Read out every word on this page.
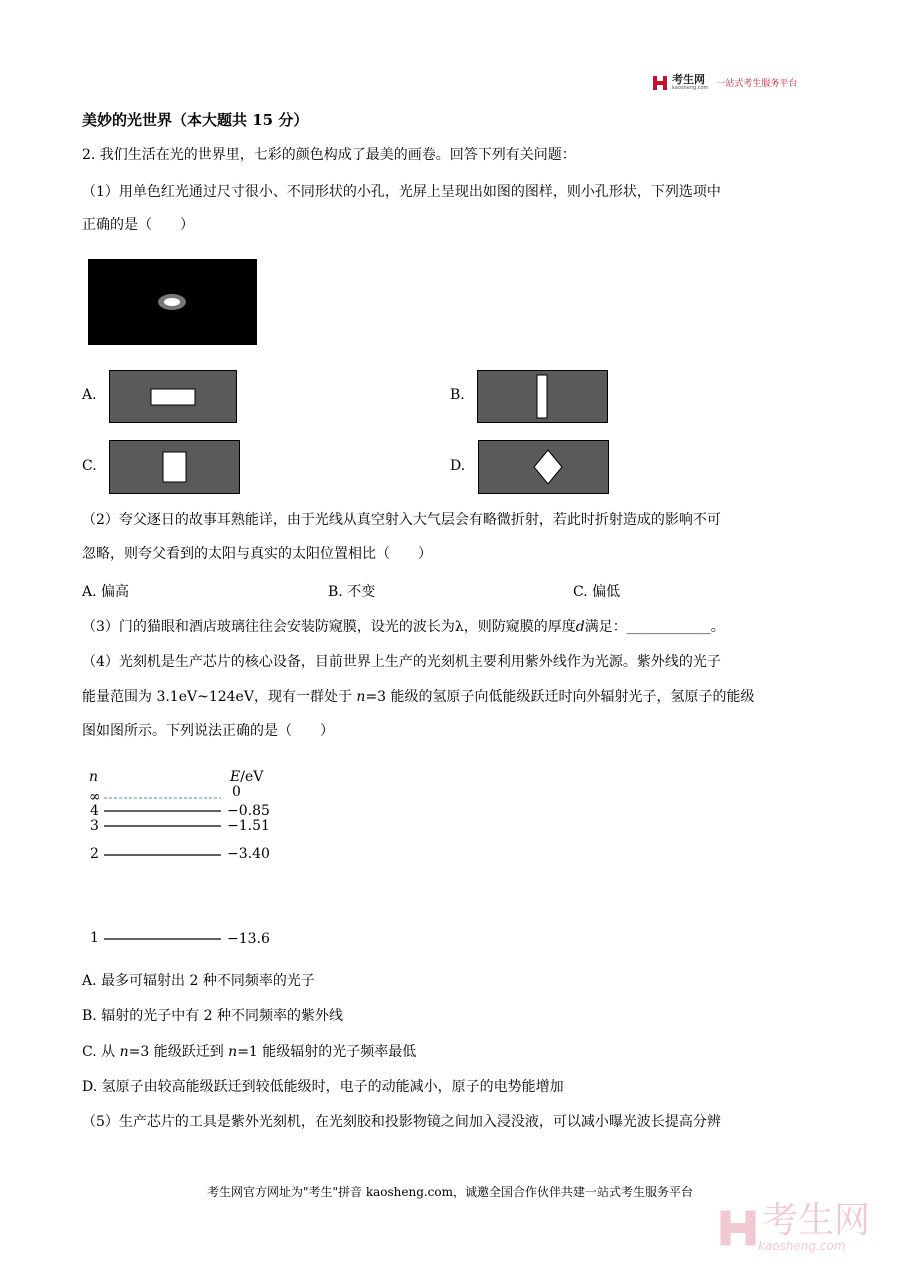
考生网
kaosheng.com 一站式考生服务平台
美妙的光世界（本大题共 15 分）
2. 我们生活在光的世界里，七彩的颜色构成了最美的画卷。回答下列有关问题：
（1）用单色红光通过尺寸很小、不同形状的小孔，光屏上呈现出如图的图样，则小孔形状，下列选项中
正确的是（　　）
A.	B.
C.	D.
（2）夸父逐日的故事耳熟能详，由于光线从真空射入大气层会有略微折射，若此时折射造成的影响不可
忽略，则夸父看到的太阳与真实的太阳位置相比（　　）
A. 偏高	B. 不变	C. 偏低
（3）门的猫眼和酒店玻璃往往会安装防窥膜，设光的波长为λ，则防窥膜的厚度d满足：____________。
（4）光刻机是生产芯片的核心设备，目前世界上生产的光刻机主要利用紫外线作为光源。紫外线的光子
能量范围为 3.1eV~124eV，现有一群处于 n=3 能级的氢原子向低能级跃迁时向外辐射光子，氢原子的能级
图如图所示。下列说法正确的是（　　）
n	E/eV
∞	0
4	−0.85
3	−1.51
2	−3.40
1	−13.6
A. 最多可辐射出 2 种不同频率的光子
B. 辐射的光子中有 2 种不同频率的紫外线
C. 从 n=3 能级跃迁到 n=1 能级辐射的光子频率最低
D. 氢原子由较高能级跃迁到较低能级时，电子的动能减小，原子的电势能增加
（5）生产芯片的工具是紫外光刻机，在光刻胶和投影物镜之间加入浸没液，可以减小曝光波长提高分辨
考生网官方网址为"考生"拼音 kaosheng.com，诚邀全国合作伙伴共建一站式考生服务平台
考生网
kaosheng.com
